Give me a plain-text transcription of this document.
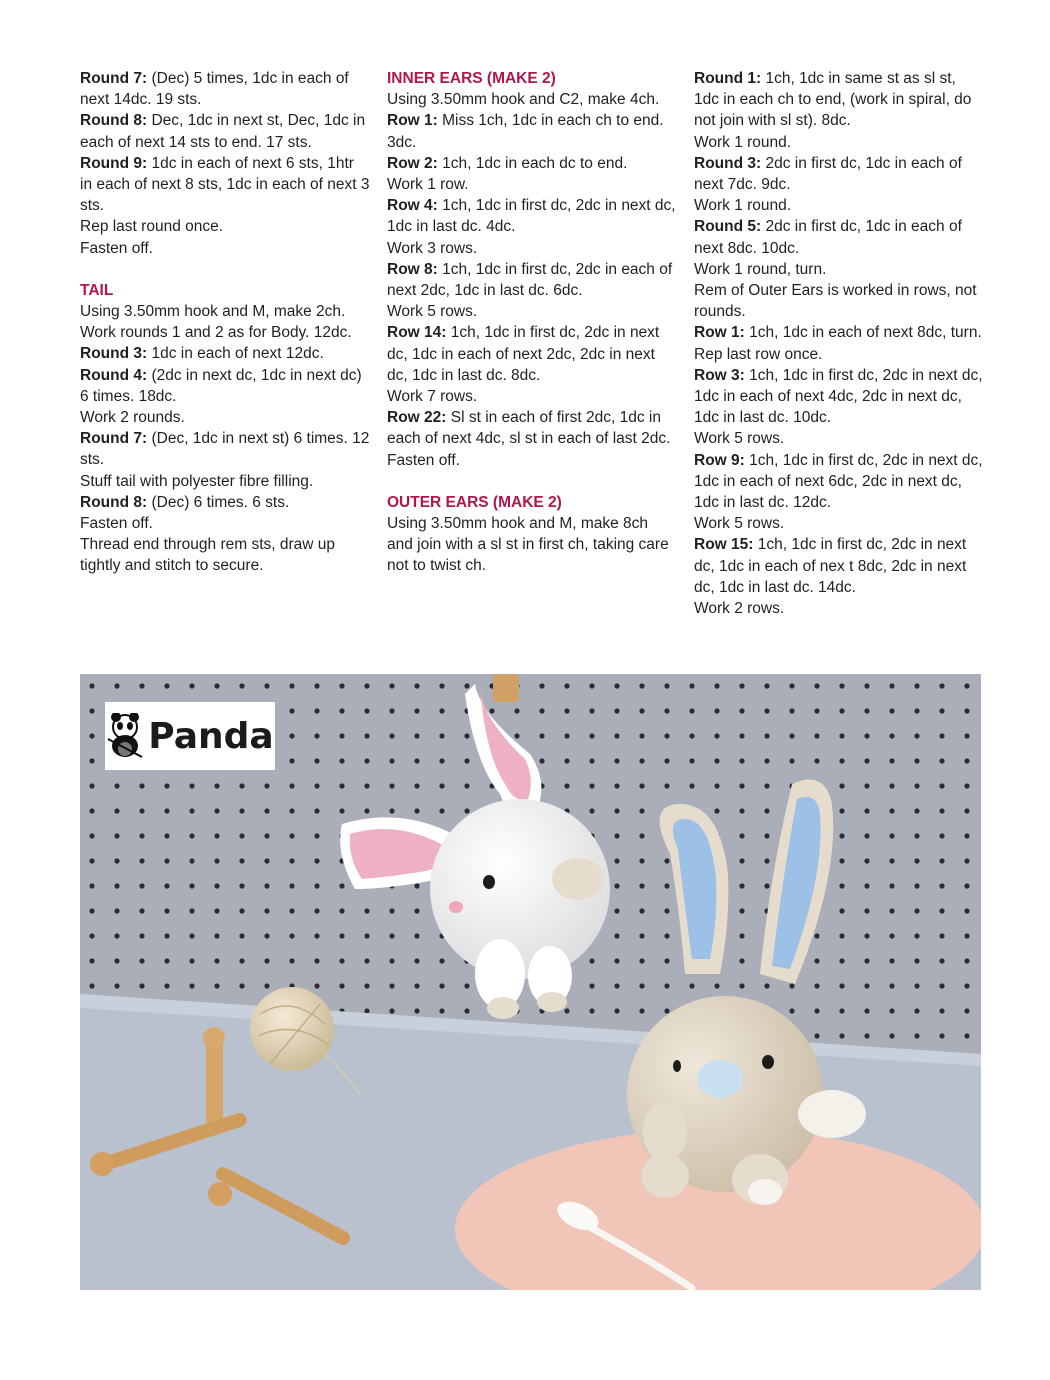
Round 7: (Dec) 5 times, 1dc in each of next 14dc. 19 sts.

Round 8: Dec, 1dc in next st, Dec, 1dc in each of next 14 sts to end. 17 sts.

Round 9: 1dc in each of next 6 sts, 1htr in each of next 8 sts, 1dc in each of next 3 sts.

Rep last round once.

Fasten off.

TAIL

Using 3.50mm hook and M, make 2ch.

Work rounds 1 and 2 as for Body. 12dc.

Round 3: 1dc in each of next 12dc.

Round 4: (2dc in next dc, 1dc in next dc) 6 times. 18dc.

Work 2 rounds.

Round 7: (Dec, 1dc in next st) 6 times. 12 sts.

Stuff tail with polyester fibre filling.

Round 8: (Dec) 6 times. 6 sts.

Fasten off.

Thread end through rem sts, draw up tightly and stitch to secure.

INNER EARS (MAKE 2)

Using 3.50mm hook and C2, make 4ch.

Row 1: Miss 1ch, 1dc in each ch to end. 3dc.

Row 2: 1ch, 1dc in each dc to end.

Work 1 row.

Row 4: 1ch, 1dc in first dc, 2dc in next dc, 1dc in last dc. 4dc.

Work 3 rows.

Row 8: 1ch, 1dc in first dc, 2dc in each of next 2dc, 1dc in last dc. 6dc.

Work 5 rows.

Row 14: 1ch, 1dc in first dc, 2dc in next dc, 1dc in each of next 2dc, 2dc in next dc, 1dc in last dc. 8dc.

Work 7 rows.

Row 22: Sl st in each of first 2dc, 1dc in each of next 4dc, sl st in each of last 2dc.

Fasten off.

OUTER EARS (MAKE 2)

Using 3.50mm hook and M, make 8ch and join with a sl st in first ch, taking care not to twist ch.

Round 1: 1ch, 1dc in same st as sl st, 1dc in each ch to end, (work in spiral, do not join with sl st). 8dc.

Work 1 round.

Round 3: 2dc in first dc, 1dc in each of next 7dc. 9dc.

Work 1 round.

Round 5: 2dc in first dc, 1dc in each of next 8dc. 10dc.

Work 1 round, turn.

Rem of Outer Ears is worked in rows, not rounds.

Row 1: 1ch, 1dc in each of next 8dc, turn.

Rep last row once.

Row 3: 1ch, 1dc in first dc, 2dc in next dc, 1dc in each of next 4dc, 2dc in next dc, 1dc in last dc. 10dc.

Work 5 rows.

Row 9: 1ch, 1dc in first dc, 2dc in next dc, 1dc in each of next 6dc, 2dc in next dc, 1dc in last dc. 12dc.

Work 5 rows.

Row 15: 1ch, 1dc in first dc, 2dc in next dc, 1dc in each of nex t 8dc, 2dc in next dc, 1dc in last dc. 14dc.

Work 2 rows.

Panda
